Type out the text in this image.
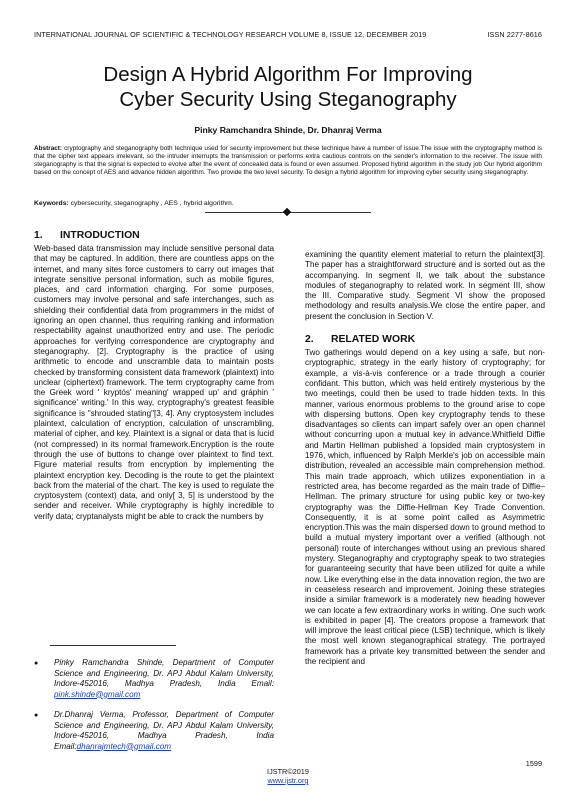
INTERNATIONAL JOURNAL OF SCIENTIFIC & TECHNOLOGY RESEARCH VOLUME 8, ISSUE 12, DECEMBER 2019	ISSN 2277-8616
Design A Hybrid Algorithm For Improving
Cyber Security Using Steganography
Pinky Ramchandra Shinde, Dr. Dhanraj Verma
Abstract: cryptography and steganography both technique used for security improvement but these technique have a number of issue.The issue with the cryptography method is that the cipher text appears irrelevant, so the intruder interrupts the transmission or performs extra cautious controls on the sender's information to the receiver. The issue with steganography is that the signal is expected to evolve after the event of concealed data is found or even assumed. Proposed hybrid algorithm in the study job Our hybrid algorithm based on the concept of AES and advance hidden algorithm. Two provide the two level security. To design a hybrid algorithm for improving cyber security using steganography.
Keywords: cybersecurity, steganography , AES , hybrid algorithm.
1. INTRODUCTION

Web-based data transmission may include sensitive personal data that may be captured. In addition, there are countless apps on the internet, and many sites force customers to carry out images that integrate sensitive personal information, such as mobile figures, places, and card information charging. For some purposes, customers may involve personal and safe interchanges, such as shielding their confidential data from programmers in the midst of ignoring an open channel, thus requiring ranking and information respectability against unauthorized entry and use. The periodic approaches for verifying correspondence are cryptography and steganography. [2]. Cryptography is the practice of using arithmetic to encode and unscramble data to maintain posts checked by transforming consistent data framework (plaintext) into unclear (ciphertext) framework. The term cryptography came from the Greek word ' kryptós' meaning' wrapped up' and gráphin ' significance' writing.' In this way, cryptography's greatest feasible significance is "shrouded stating"[3, 4]. Any cryptosystem includes plaintext, calculation of encryption, calculation of unscrambling, material of cipher, and key. Plaintext is a signal or data that is lucid (not compressed) in its normal framework.Encryption is the route through the use of buttons to change over plaintext to find text. Figure material results from encryption by implementing the plaintext encryption key. Decoding is the route to get the plaintext back from the material of the chart. The key is used to regulate the cryptosystem (context) data, and only[ 3, 5] is understood by the sender and receiver. While cryptography is highly incredible to verify data; cryptanalysts might be able to crack the numbers by

●	Pinky Ramchandra Shinde, Department of Computer Science and Engineering, Dr. APJ Abdul Kalam University, Indore-452016, Madhya Pradesh, India Email: pink.shinde@gmail.com
●	Dr.Dhanraj Verma, Professor, Department of Computer Science and Engineering, Dr. APJ Abdul Kalam University, Indore-452016, Madhya Pradesh, India Email:dhanrajmtech@gmail.com

examining the quantity element material to return the plaintext[3]. The paper has a straightforward structure and is sorted out as the accompanying. In segment II, we talk about the substance modules of steganography to related work. In segment III, show the III. Comparative study. Segment VI show the proposed methodology and results analysis.We close the entire paper, and present the conclusion in Section V.

2. RELATED WORK

Two gatherings would depend on a key using a safe, but non-cryptographic, strategy in the early history of cryptography; for example, a vis-à-vis conference or a trade through a courier confidant. This button, which was held entirely mysterious by the two meetings, could then be used to trade hidden texts. In this manner, various enormous problems to the ground arise to cope with dispersing buttons. Open key cryptography tends to these disadvantages so clients can impart safely over an open channel without concurring upon a mutual key in advance.Whitfield Diffie and Martin Hellman published a lopsided main cryptosystem in 1976, which, influenced by Ralph Merkle's job on accessible main distribution, revealed an accessible main comprehension method. This main trade approach, which utilizes exponentiation in a restricted area, has become regarded as the main trade of Diffie–Hellman. The primary structure for using public key or two-key cryptography was the Diffie-Hellman Key Trade Convention. Consequently, it is at some point called as Asymmetric encryption.This was the main dispersed down to ground method to build a mutual mystery important over a verified (although not personal) route of interchanges without using an previous shared mystery. Steganography and cryptography speak to two strategies for guaranteeing security that have been utilized for quite a while now. Like everything else in the data innovation region, the two are in ceaseless research and improvement. Joining these strategies inside a similar framework is a moderately new heading however we can locate a few extraordinary works in writing. One such work is exhibited in paper [4]. The creators propose a framework that will improve the least critical piece (LSB) technique, which is likely the most well known steganographical strategy. The portrayed framework has a private key transmitted between the sender and the recipient and

1599
IJSTR©2019
www.ijstr.org
